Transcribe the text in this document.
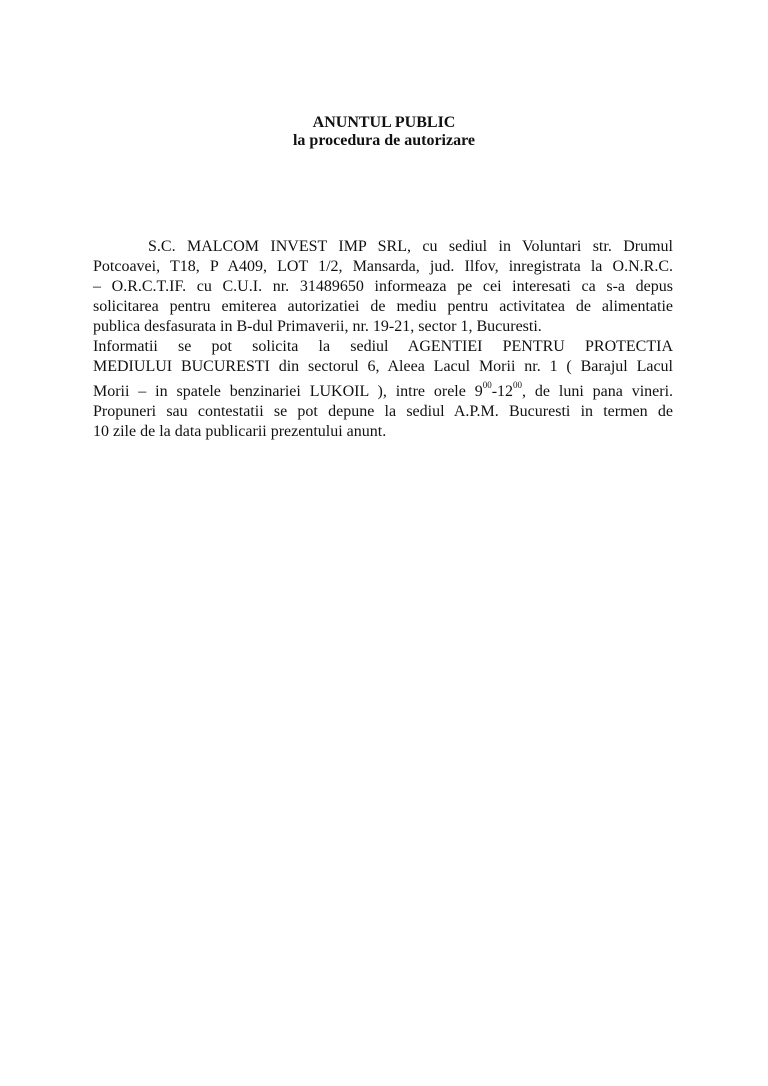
ANUNTUL PUBLIC
la procedura de autorizare
S.C. MALCOM INVEST IMP SRL, cu sediul in Voluntari str. Drumul
Potcoavei, T18, P A409, LOT 1/2, Mansarda, jud. Ilfov, inregistrata la O.N.R.C.
– O.R.C.T.IF. cu C.U.I. nr. 31489650 informeaza pe cei interesati ca s-a depus
solicitarea pentru emiterea autorizatiei de mediu pentru activitatea de alimentatie
publica desfasurata in B-dul Primaverii, nr. 19-21, sector 1, Bucuresti.
Informatii se pot solicita la sediul AGENTIEI PENTRU PROTECTIA
MEDIULUI BUCURESTI din sectorul 6, Aleea Lacul Morii nr. 1 ( Barajul Lacul
Morii – in spatele benzinariei LUKOIL ), intre orele $9^{00}-12^{00}$, de luni pana vineri.
Propuneri sau contestatii se pot depune la sediul A.P.M. Bucuresti in termen de
10 zile de la data publicarii prezentului anunt.
